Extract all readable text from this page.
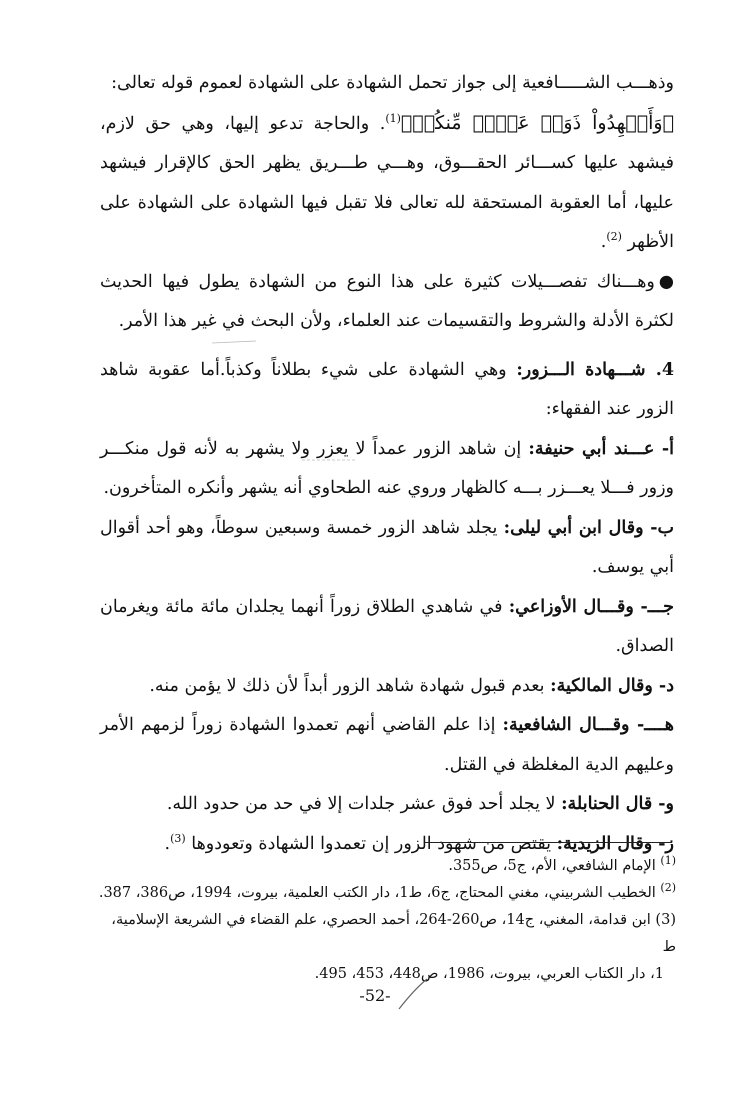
وذهـــب الشـــــافعية إلى جواز تحمل الشهادة على الشهادة لعموم قوله تعالى:

﴿وَأَشۡهِدُواْ ذَوَيۡ عَدۡلٖ مِّنكُمۡ﴾$^{(1)}$. والحاجة تدعو إليها، وهي حق لازم، فيشهد عليها كســـائر الحقـــوق، وهـــي طـــريق يظهر الحق كالإقرار فيشهد عليها، أما العقوبة المستحقة لله تعالى فلا تقبل فيها الشهادة على الشهادة على الأظهر $^{(2)}$.

●وهـــناك تفصـــيلات كثيرة على هذا النوع من الشهادة يطول فيها الحديث لكثرة الأدلة والشروط والتقسيمات عند العلماء، ولأن البحث في غير هذا الأمر.

4. شـــهادة الـــزور: وهي الشهادة على شيء بطلاناً وكذباً.أما عقوبة شاهد الزور عند الفقهاء:

أ- عـــند أبي حنيفة: إن شاهد الزور عمداً لا يعزر ولا يشهر به لأنه قول منكـــر وزور فـــلا يعـــزر بـــه كالظهار وروي عنه الطحاوي أنه يشهر وأنكره المتأخرون.

ب- وقال ابن أبي ليلى: يجلد شاهد الزور خمسة وسبعين سوطاً، وهو أحد أقوال أبي يوسف.

جـــ- وقـــال الأوزاعي: في شاهدي الطلاق زوراً أنهما يجلدان مائة مائة ويغرمان الصداق.

د- وقال المالكية: بعدم قبول شهادة شاهد الزور أبداً لأن ذلك لا يؤمن منه.

هــــ- وقـــال الشافعية: إذا علم القاضي أنهم تعمدوا الشهادة زوراً لزمهم الأمر وعليهم الدية المغلظة في القتل.

و- قال الحنابلة: لا يجلد أحد فوق عشر جلدات إلا في حد من حدود الله.

ز- وقال الزيدية: يقتص من شهود الزور إن تعمدوا الشهادة وتعودوها $^{(3)}$.

$^{(1)}$ الإمام الشافعي، الأم، ج5، ص355.

$^{(2)}$ الخطيب الشربيني، مغني المحتاج، ج6، ط1، دار الكتب العلمية، بيروت، 1994، ص386، 387.

(3) ابن قدامة، المغني، ج14، ص260-264، أحمد الحصري، علم القضاء في الشريعة الإسلامية، ط

1، دار الكتاب العربي، بيروت، 1986، ص448، 453، 495.

-52-
